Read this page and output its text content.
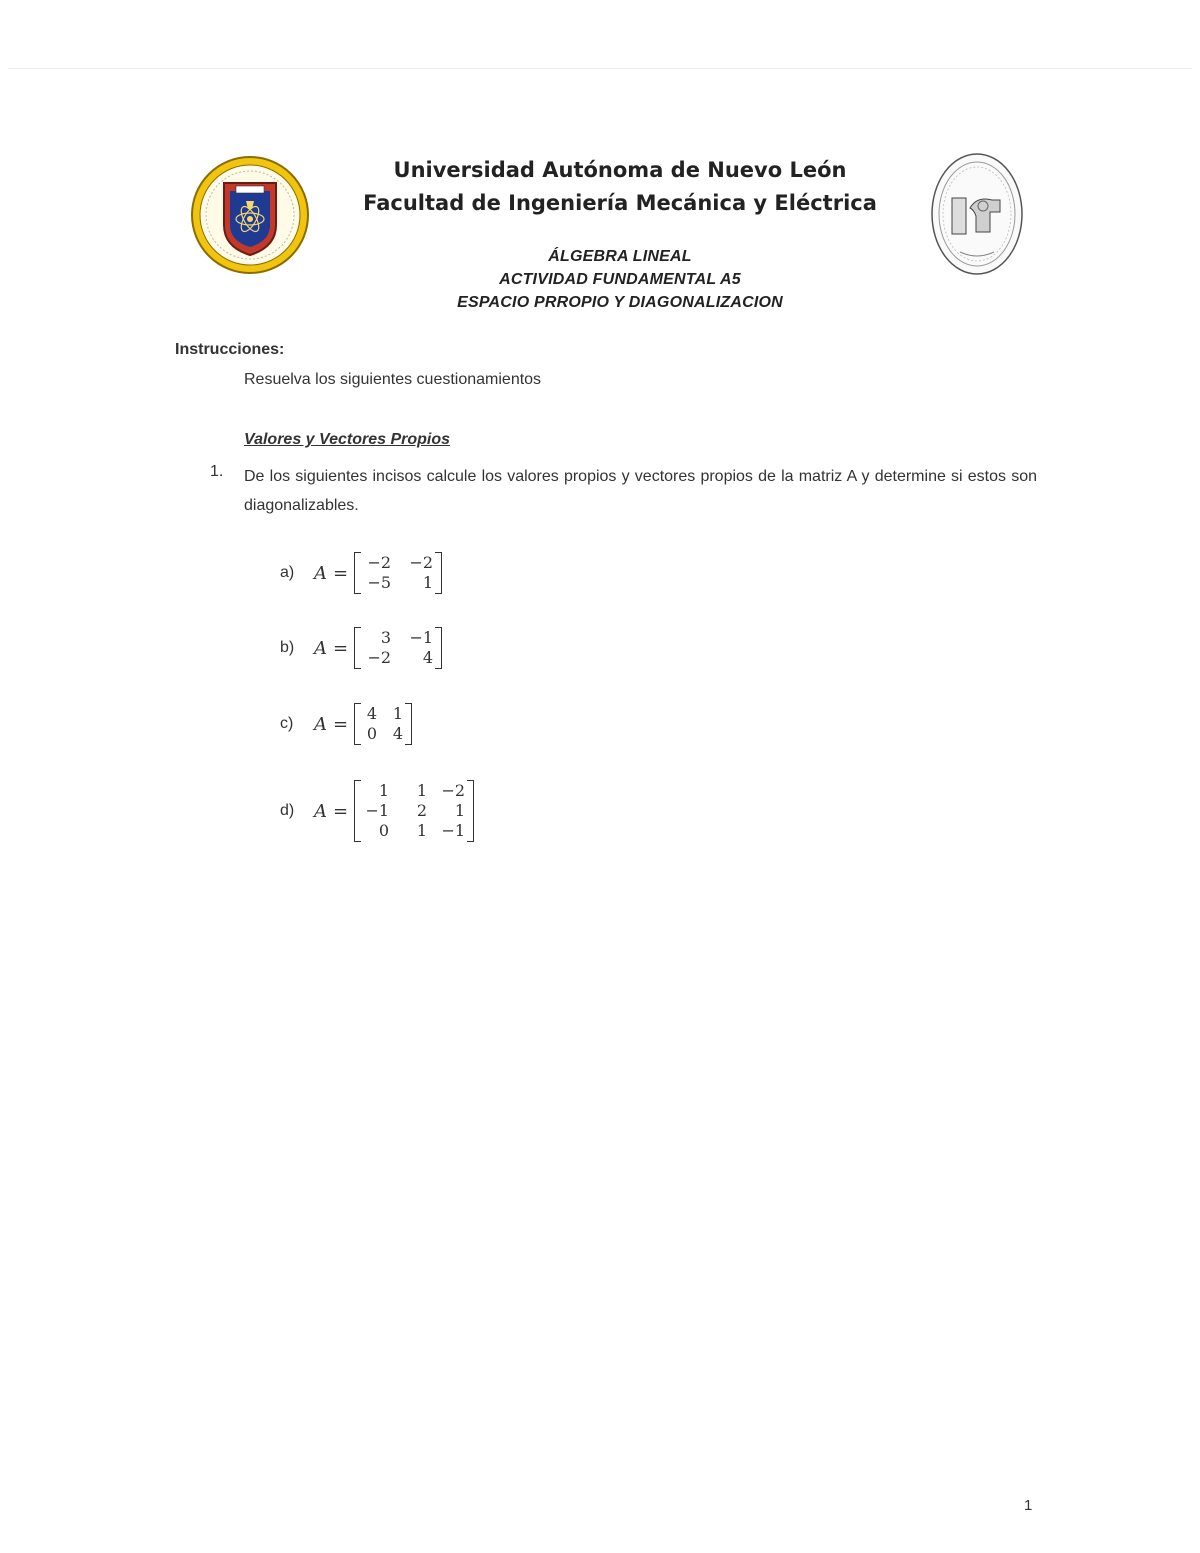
Universidad Autónoma de Nuevo León
Facultad de Ingeniería Mecánica y Eléctrica
ÁLGEBRA LINEAL
ACTIVIDAD FUNDAMENTAL A5
ESPACIO PRROPIO Y DIAGONALIZACION
Instrucciones:
Resuelva los siguientes cuestionamientos
Valores y Vectores Propios
1. De los siguientes incisos calcule los valores propios y vectores propios de la matriz A y determine si estos son diagonalizables.
a)	A = −2 −2
−5	1
b)	A =	3 −1
−2	4
c)	A = 4 1
0 4
d)	A =
1	1 −2
−1	2	1
0	1 −1
1
